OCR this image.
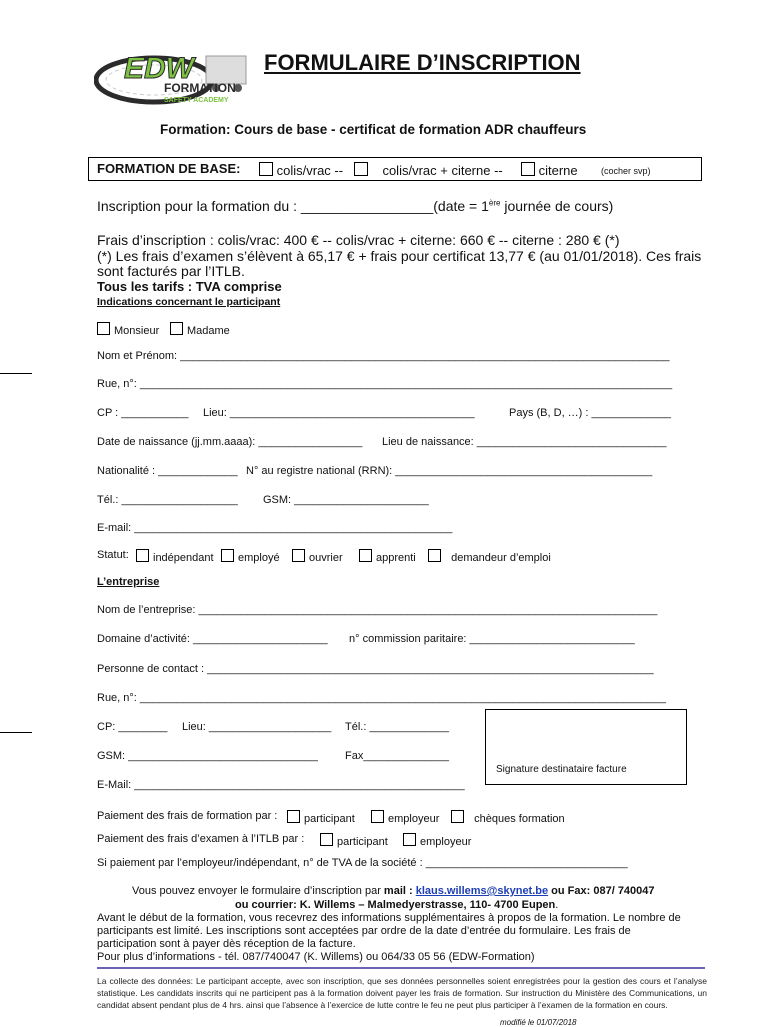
EDW
FORMATION
SAFETY ACADEMY
FORMULAIRE D’INSCRIPTION
Formation: Cours de base - certificat de formation ADR chauffeurs
FORMATION DE BASE:	colis/vrac --	colis/vrac + citerne --	citerne	(cocher svp)
Inscription pour la formation du : _________________(date = 1ère journée de cours)
Frais d’inscription : colis/vrac: 400 € -- colis/vrac + citerne: 660 € -- citerne : 280 € (*)
(*) Les frais d’examen s’élèvent à 65,17 € + frais pour certificat 13,77 € (au 01/01/2018). Ces frais
sont facturés par l’ITLB.
Tous les tarifs : TVA comprise
Indications concernant le participant
Monsieur	Madame
Nom et Prénom: ________________________________________________________________________________
Rue, n°: _______________________________________________________________________________________
CP : ___________ Lieu: ________________________________________	Pays (B, D, …) : _____________
Date de naissance (jj.mm.aaaa): _________________ Lieu de naissance: _______________________________
Nationalité : _____________ N° au registre national (RRN): __________________________________________
Tél.: ___________________ GSM: ______________________
E-mail: ____________________________________________________
Statut:	indépendant	employé	ouvrier	apprenti	demandeur d’emploi
L’entreprise
Nom de l’entreprise: ___________________________________________________________________________
Domaine d’activité: ______________________ n° commission paritaire: ___________________________
Personne de contact : _________________________________________________________________________
Rue, n°: ______________________________________________________________________________________
CP: ________ Lieu: ____________________ Tél.: _____________
GSM: _______________________________ Fax______________
E-Mail: ______________________________________________________
Signature destinataire facture
Paiement des frais de formation par :	participant	employeur	chèques formation
Paiement des frais d’examen à l’ITLB par :	participant	employeur
Si paiement par l’employeur/indépendant, n° de TVA de la société : _________________________________
Vous pouvez envoyer le formulaire d’inscription par mail : klaus.willems@skynet.be ou Fax: 087/ 740047
ou courrier: K. Willems – Malmedyerstrasse, 110- 4700 Eupen.
Avant le début de la formation, vous recevrez des informations supplémentaires à propos de la formation. Le nombre de
participants est limité. Les inscriptions sont acceptées par ordre de la date d’entrée du formulaire. Les frais de
participation sont à payer dès réception de la facture.
Pour plus d’informations - tél. 087/740047 (K. Willems) ou 064/33 05 56 (EDW-Formation)
La collecte des données: Le participant accepte, avec son inscription, que ses données personnelles soient enregistrées pour la gestion des cours et l’analyse statistique. Les candidats inscrits qui ne participent pas à la formation doivent payer les frais de formation. Sur instruction du Ministère des Communications, un candidat absent pendant plus de 4 hrs. ainsi que l’absence à l’exercice de lutte contre le feu ne peut plus participer à l’examen de la formation en cours.
modifié le 01/07/2018
